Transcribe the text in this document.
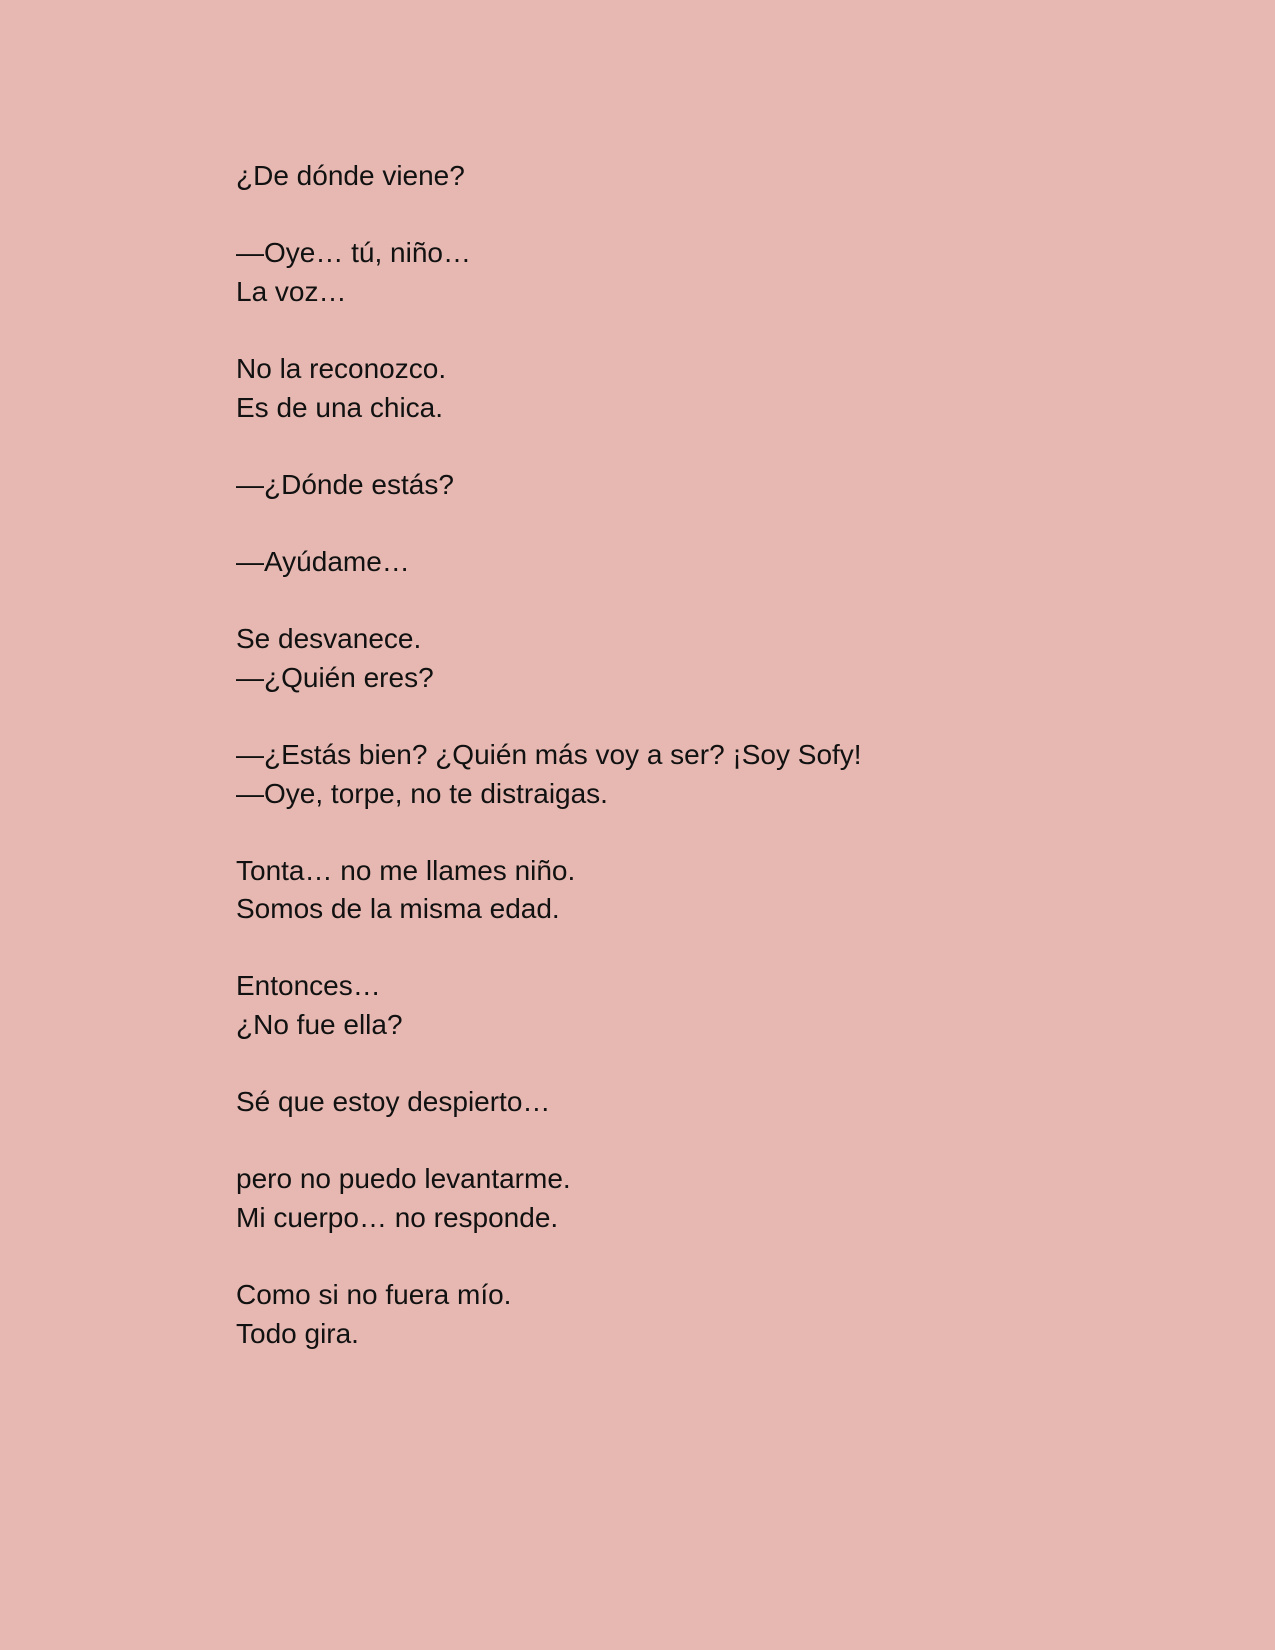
¿De dónde viene?

—Oye… tú, niño…

La voz…

No la reconozco.

Es de una chica.

—¿Dónde estás?

—Ayúdame…

Se desvanece.

—¿Quién eres?

—¿Estás bien? ¿Quién más voy a ser? ¡Soy Sofy!

—Oye, torpe, no te distraigas.

Tonta… no me llames niño.

Somos de la misma edad.

Entonces…

¿No fue ella?

Sé que estoy despierto…

pero no puedo levantarme.

Mi cuerpo… no responde.

Como si no fuera mío.

Todo gira.
